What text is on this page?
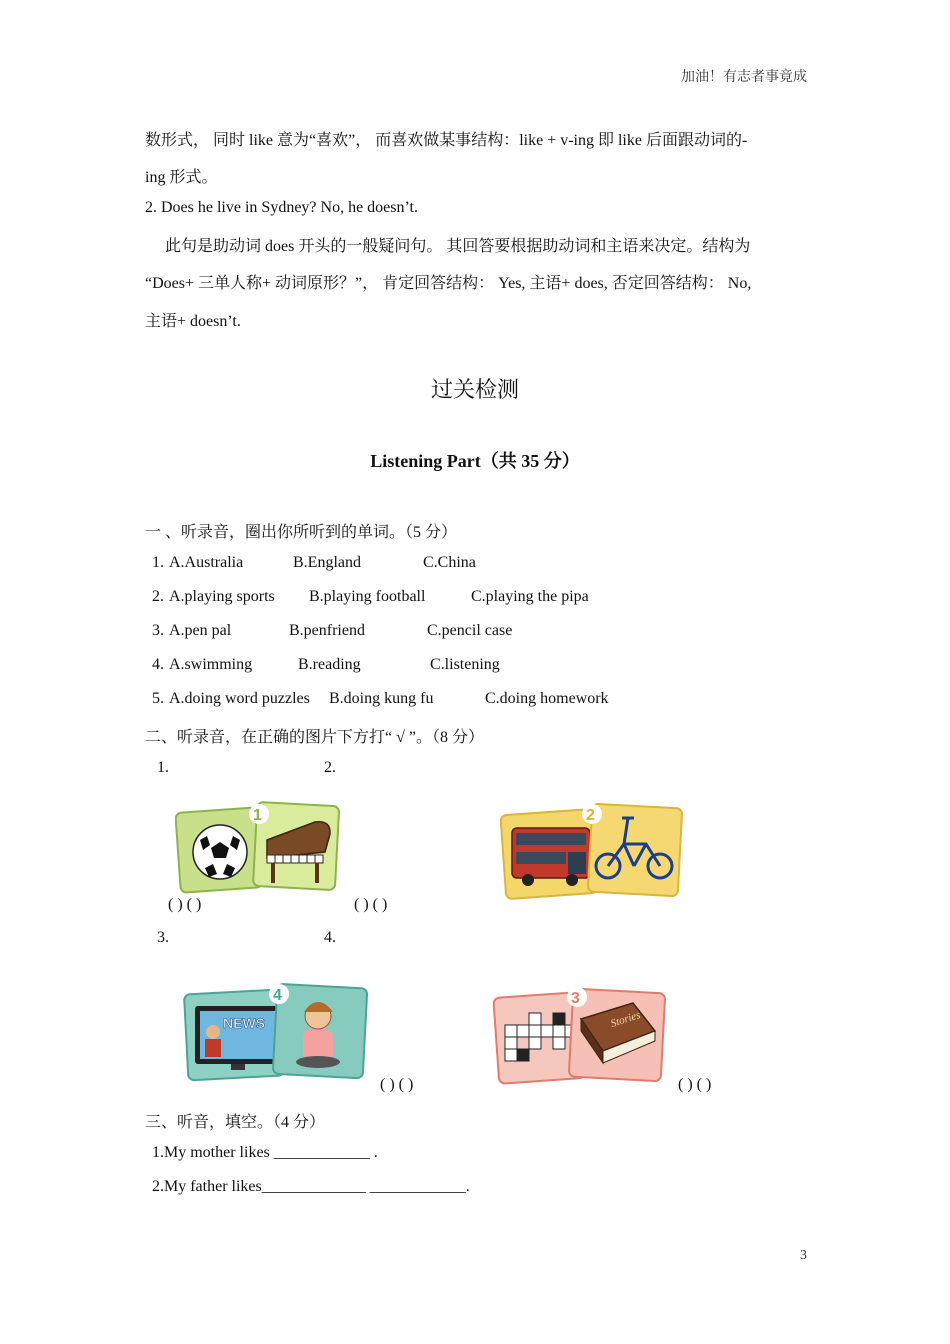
加油！有志者事竟成
数形式， 同时 like 意为“喜欢”， 而喜欢做某事结构：like + v-ing 即 like 后面跟动词的-
ing 形式。
2. Does he live in Sydney? No, he doesn’t.
此句是助动词 does 开头的一般疑问句。 其回答要根据助动词和主语来决定。结构为
“Does+ 三单人称+ 动词原形？”， 肯定回答结构： Yes, 主语+ does, 否定回答结构： No,
主语+ doesn’t.
过关检测
Listening Part（共 35 分）
一 、听录音，圈出你所听到的单词。（5 分）
1. A.Australia	B.England	C.China
2. A.playing sports B.playing football	C.playing the pipa
3. A.pen pal	B.penfriend	C.pencil case
4. A.swimming	B.reading	C.listening
5. A.doing word puzzles B.doing kung fu	C.doing homework
二、听录音，在正确的图片下方打“ √ ”。（8 分）
1.	2.
1	2
( ) ( )	( ) ( )
3.	4.
NEWS
4
Stories
3
( ) ( )	( ) ( )
三、听音，填空。（4 分）
1.My mother likes ____________ .
2.My father likes_____________ ____________.
3
